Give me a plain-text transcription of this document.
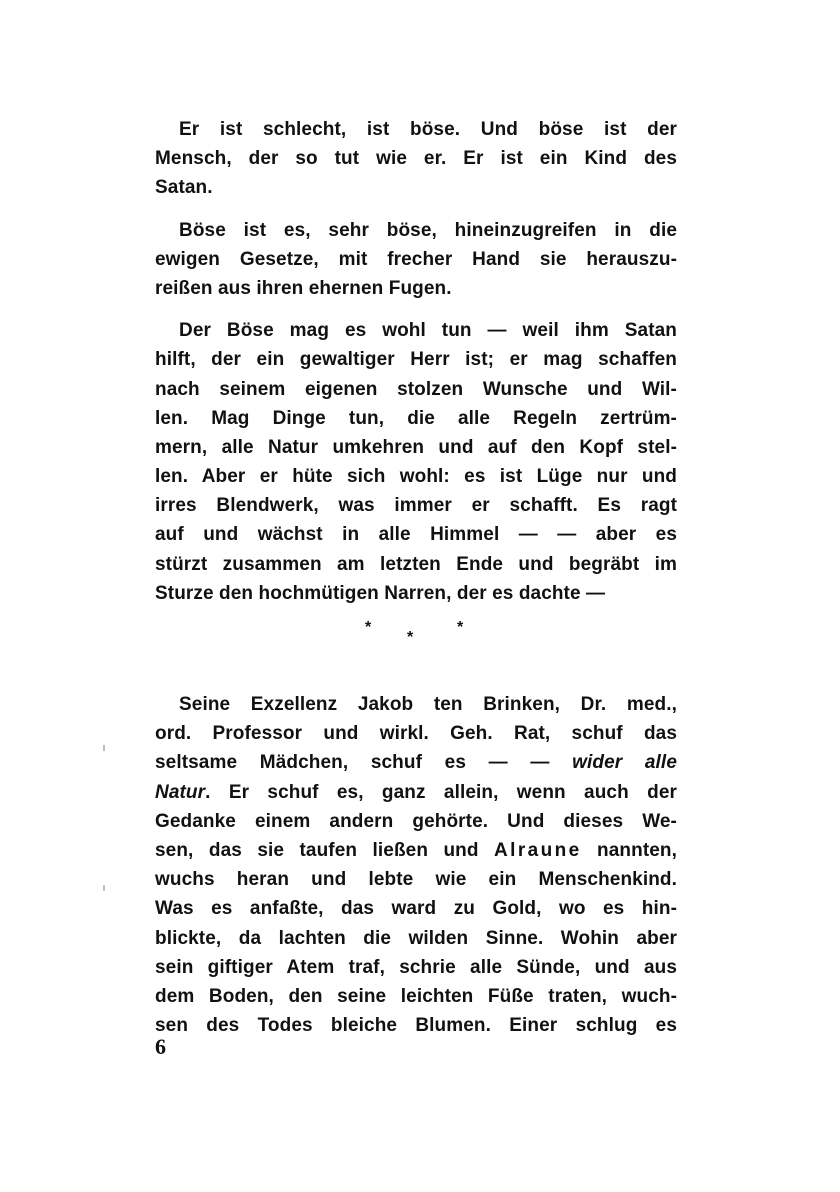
Er ist schlecht, ist böse. Und böse ist der
Mensch, der so tut wie er. Er ist ein Kind des
Satan.

Böse ist es, sehr böse, hineinzugreifen in die
ewigen Gesetze, mit frecher Hand sie herauszu-
reißen aus ihren ehernen Fugen.

Der Böse mag es wohl tun — weil ihm Satan
hilft, der ein gewaltiger Herr ist; er mag schaffen
nach seinem eigenen stolzen Wunsche und Wil-
len. Mag Dinge tun, die alle Regeln zertrüm-
mern, alle Natur umkehren und auf den Kopf stel-
len. Aber er hüte sich wohl: es ist Lüge nur und
irres Blendwerk, was immer er schafft. Es ragt
auf und wächst in alle Himmel — — aber es
stürzt zusammen am letzten Ende und begräbt im
Sturze den hochmütigen Narren, der es dachte —

*
*
*

Seine Exzellenz Jakob ten Brinken, Dr. med.,
ord. Professor und wirkl. Geh. Rat, schuf das
seltsame Mädchen, schuf es — — wider alle
Natur. Er schuf es, ganz allein, wenn auch der
Gedanke einem andern gehörte. Und dieses We-
sen, das sie taufen ließen und Alraune nannten,
wuchs heran und lebte wie ein Menschenkind.
Was es anfaßte, das ward zu Gold, wo es hin-
blickte, da lachten die wilden Sinne. Wohin aber
sein giftiger Atem traf, schrie alle Sünde, und aus
dem Boden, den seine leichten Füße traten, wuch-
sen des Todes bleiche Blumen. Einer schlug es

6
